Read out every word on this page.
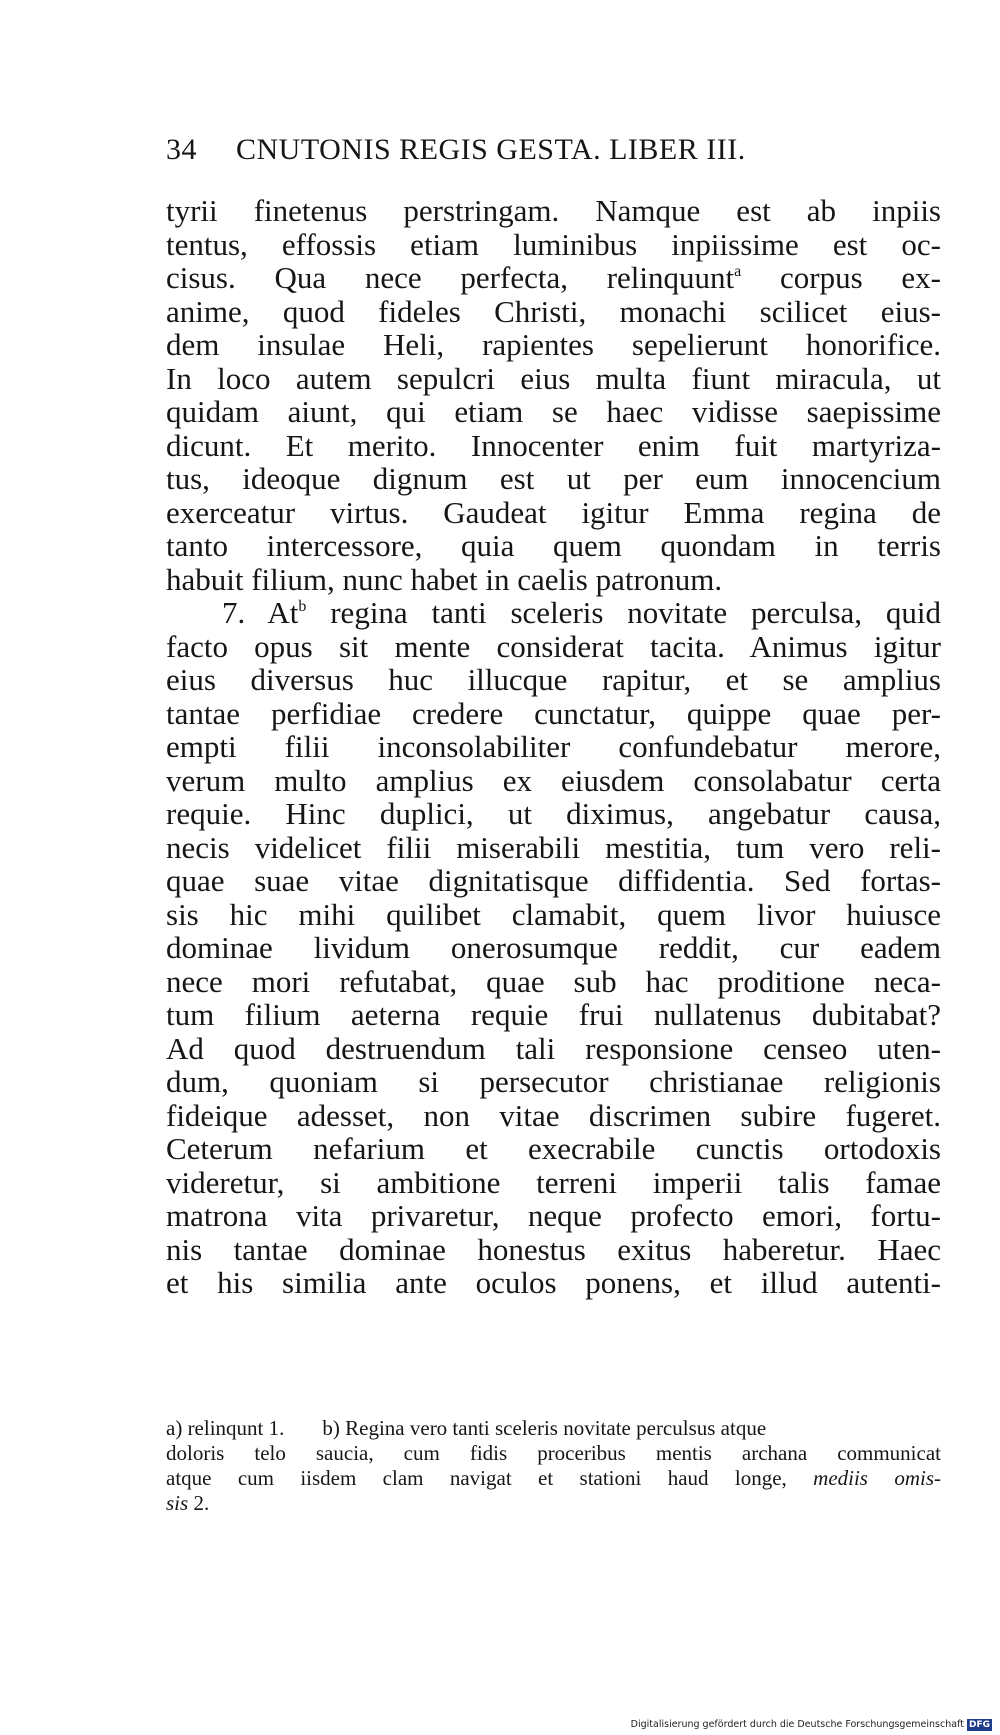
34 CNUTONIS REGIS GESTA. LIBER III.
tyrii finetenus perstringam. Namque est ab inpiis
tentus, effossis etiam luminibus inpiissime est oc-
cisus. Qua nece perfecta, relinquunt$^a$ corpus ex-
anime, quod fideles Christi, monachi scilicet eius-
dem insulae Heli, rapientes sepelierunt honorifice.
In loco autem sepulcri eius multa fiunt miracula, ut
quidam aiunt, qui etiam se haec vidisse saepissime
dicunt. Et merito. Innocenter enim fuit martyriza-
tus, ideoque dignum est ut per eum innocencium
exerceatur virtus. Gaudeat igitur Emma regina de
tanto intercessore, quia quem quondam in terris
habuit filium, nunc habet in caelis patronum.
7. At$^b$ regina tanti sceleris novitate perculsa, quid
facto opus sit mente considerat tacita. Animus igitur
eius diversus huc illucque rapitur, et se amplius
tantae perfidiae credere cunctatur, quippe quae per-
empti filii inconsolabiliter confundebatur merore,
verum multo amplius ex eiusdem consolabatur certa
requie. Hinc duplici, ut diximus, angebatur causa,
necis videlicet filii miserabili mestitia, tum vero reli-
quae suae vitae dignitatisque diffidentia. Sed fortas-
sis hic mihi quilibet clamabit, quem livor huiusce
dominae lividum onerosumque reddit, cur eadem
nece mori refutabat, quae sub hac proditione neca-
tum filium aeterna requie frui nullatenus dubitabat?
Ad quod destruendum tali responsione censeo uten-
dum, quoniam si persecutor christianae religionis
fideique adesset, non vitae discrimen subire fugeret.
Ceterum nefarium et execrabile cunctis ortodoxis
videretur, si ambitione terreni imperii talis famae
matrona vita privaretur, neque profecto emori, fortu-
nis tantae dominae honestus exitus haberetur. Haec
et his similia ante oculos ponens, et illud autenti-
a) relinqunt 1. b) Regina vero tanti sceleris novitate perculsus atque
doloris telo saucia, cum fidis proceribus mentis archana communicat
atque cum iisdem clam navigat et stationi haud longe, mediis omis-
sis 2.
Digitalisierung gefördert durch die Deutsche Forschungsgemeinschaft DFG
